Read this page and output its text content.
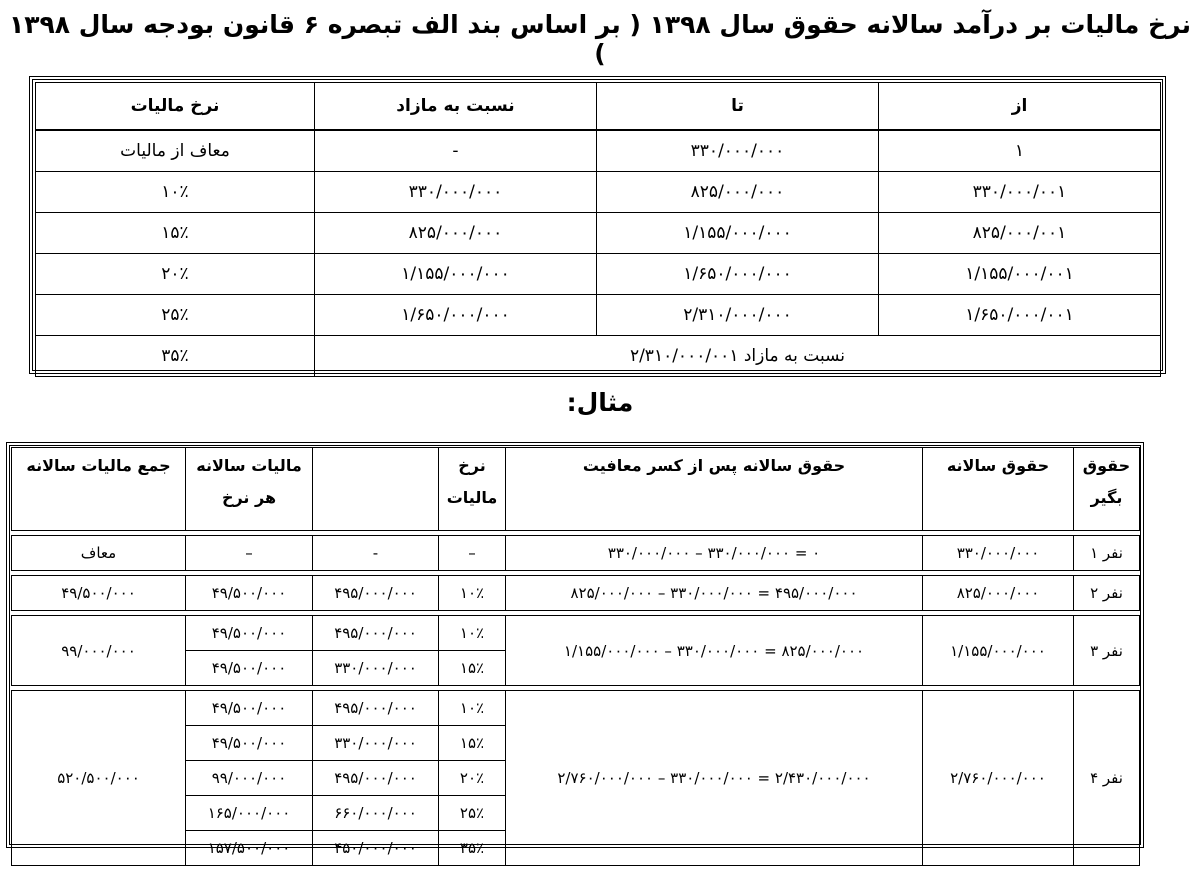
نرخ مالیات بر درآمد سالانه حقوق سال ۱۳۹۸ ( بر اساس بند الف تبصره ۶ قانون بودجه سال ۱۳۹۸ )
از	تا	نسبت به مازاد	نرخ مالیات
۱	۳۳۰/۰۰۰/۰۰۰	-	معاف از مالیات
۳۳۰/۰۰۰/۰۰۱	۸۲۵/۰۰۰/۰۰۰	۳۳۰/۰۰۰/۰۰۰	۱۰٪
۸۲۵/۰۰۰/۰۰۱	۱/۱۵۵/۰۰۰/۰۰۰	۸۲۵/۰۰۰/۰۰۰	۱۵٪
۱/۱۵۵/۰۰۰/۰۰۱	۱/۶۵۰/۰۰۰/۰۰۰	۱/۱۵۵/۰۰۰/۰۰۰	۲۰٪
۱/۶۵۰/۰۰۰/۰۰۱	۲/۳۱۰/۰۰۰/۰۰۰	۱/۶۵۰/۰۰۰/۰۰۰	۲۵٪
نسبت به مازاد ۲/۳۱۰/۰۰۰/۰۰۱			۳۵٪
مثال:
حقوق بگیر	حقوق سالانه	حقوق سالانه پس از کسر معافیت	نرخ مالیات		مالیات سالانه هر نرخ	جمع مالیات سالانه

نفر ۱	۳۳۰/۰۰۰/۰۰۰	۰ = ۳۳۰/۰۰۰/۰۰۰ – ۳۳۰/۰۰۰/۰۰۰	–	-	–	معاف

نفر ۲	۸۲۵/۰۰۰/۰۰۰	۴۹۵/۰۰۰/۰۰۰ = ۳۳۰/۰۰۰/۰۰۰ – ۸۲۵/۰۰۰/۰۰۰	۱۰٪	۴۹۵/۰۰۰/۰۰۰	۴۹/۵۰۰/۰۰۰	۴۹/۵۰۰/۰۰۰

نفر ۳	۱/۱۵۵/۰۰۰/۰۰۰	۸۲۵/۰۰۰/۰۰۰ = ۳۳۰/۰۰۰/۰۰۰ – ۱/۱۵۵/۰۰۰/۰۰۰	۱۰٪	۴۹۵/۰۰۰/۰۰۰	۴۹/۵۰۰/۰۰۰	۹۹/۰۰۰/۰۰۰
			۱۵٪	۳۳۰/۰۰۰/۰۰۰	۴۹/۵۰۰/۰۰۰	

نفر ۴	۲/۷۶۰/۰۰۰/۰۰۰	۲/۴۳۰/۰۰۰/۰۰۰ = ۳۳۰/۰۰۰/۰۰۰ – ۲/۷۶۰/۰۰۰/۰۰۰	۱۰٪	۴۹۵/۰۰۰/۰۰۰	۴۹/۵۰۰/۰۰۰	۵۲۰/۵۰۰/۰۰۰
			۱۵٪	۳۳۰/۰۰۰/۰۰۰	۴۹/۵۰۰/۰۰۰	
			۲۰٪	۴۹۵/۰۰۰/۰۰۰	۹۹/۰۰۰/۰۰۰	
			۲۵٪	۶۶۰/۰۰۰/۰۰۰	۱۶۵/۰۰۰/۰۰۰	
			۳۵٪	۴۵۰/۰۰۰/۰۰۰	۱۵۷/۵۰۰/۰۰۰	
